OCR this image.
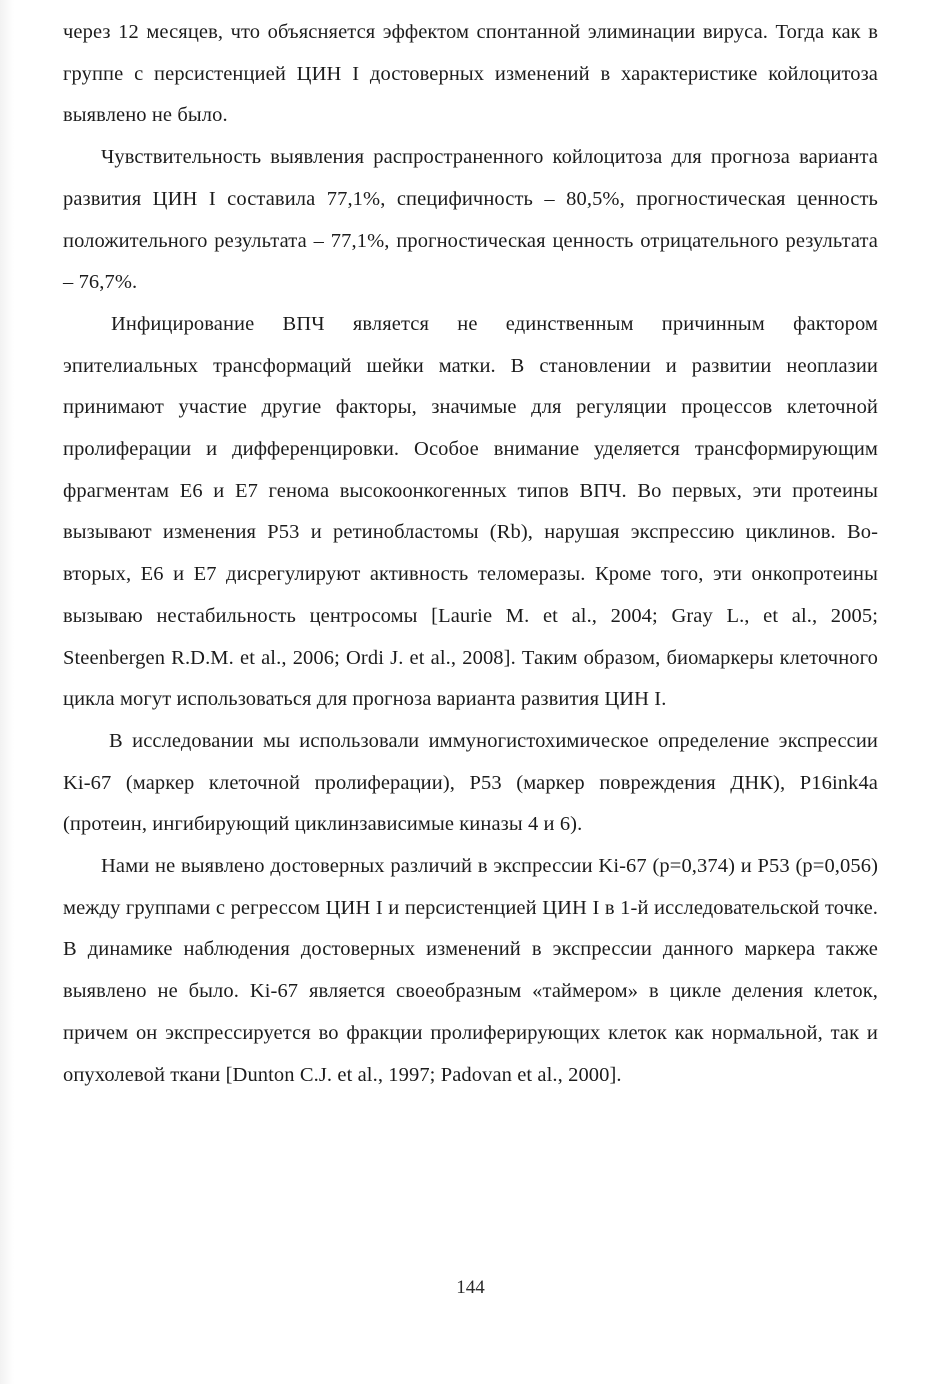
через 12 месяцев, что объясняется эффектом спонтанной элиминации вируса. Тогда как в группе с персистенцией ЦИН I достоверных изменений в характеристике койлоцитоза выявлено не было.

Чувствительность выявления распространенного койлоцитоза для прогноза варианта развития ЦИН I составила 77,1%, специфичность – 80,5%, прогностическая ценность положительного результата – 77,1%, прогностическая ценность отрицательного результата – 76,7%.

Инфицирование ВПЧ является не единственным причинным фактором эпителиальных трансформаций шейки матки. В становлении и развитии неоплазии принимают участие другие факторы, значимые для регуляции процессов клеточной пролиферации и дифференцировки. Особое внимание уделяется трансформирующим фрагментам Е6 и Е7 генома высокоонкогенных типов ВПЧ. Во первых, эти протеины вызывают изменения Р53 и ретинобластомы (Rb), нарушая экспрессию циклинов. Во-вторых, Е6 и Е7 дисрегулируют активность теломеразы. Кроме того, эти онкопротеины вызываю нестабильность центросомы [Laurie M. et al., 2004; Gray L., et al., 2005; Steenbergen R.D.M. et al., 2006; Ordi J. et al., 2008]. Таким образом, биомаркеры клеточного цикла могут использоваться для прогноза варианта развития ЦИН I.

В исследовании мы использовали иммуногистохимическое определение экспрессии Ki-67 (маркер клеточной пролиферации), Р53 (маркер повреждения ДНК), P16ink4a (протеин, ингибирующий циклинзависимые киназы 4 и 6).

Нами не выявлено достоверных различий в экспрессии Ki-67 (p=0,374) и P53 (p=0,056) между группами с регрессом ЦИН I и персистенцией ЦИН I в 1-й исследовательской точке. В динамике наблюдения достоверных изменений в экспрессии данного маркера также выявлено не было. Ki-67 является своеобразным «таймером» в цикле деления клеток, причем он экспрессируется во фракции пролиферирующих клеток как нормальной, так и опухолевой ткани [Dunton C.J. et al., 1997; Padovan et al., 2000].

144
